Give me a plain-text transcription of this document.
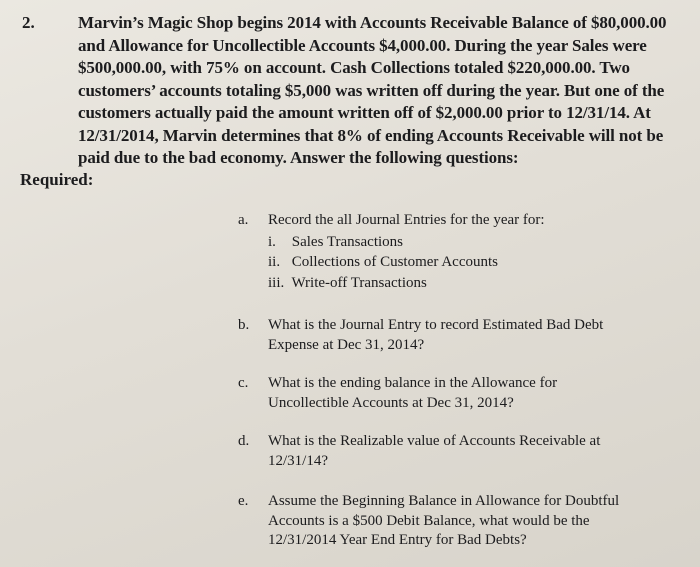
2.	Marvin’s Magic Shop begins 2014 with Accounts Receivable Balance of $80,000.00 and Allowance for Uncollectible Accounts $4,000.00. During the year Sales were $500,000.00, with 75% on account. Cash Collections totaled $220,000.00. Two customers’ accounts totaling $5,000 was written off during the year. But one of the customers actually paid the amount written off of $2,000.00 prior to 12/31/14. At 12/31/2014, Marvin determines that 8% of ending Accounts Receivable will not be paid due to the bad economy. Answer the following questions:
Required:
a.	Record the all Journal Entries for the year for:
i. Sales Transactions
ii. Collections of Customer Accounts
iii. Write-off Transactions
b.	What is the Journal Entry to record Estimated Bad Debt Expense at Dec 31, 2014?
c.	What is the ending balance in the Allowance for Uncollectible Accounts at Dec 31, 2014?
d.	What is the Realizable value of Accounts Receivable at 12/31/14?
e.	Assume the Beginning Balance in Allowance for Doubtful Accounts is a $500 Debit Balance, what would be the 12/31/2014 Year End Entry for Bad Debts?
